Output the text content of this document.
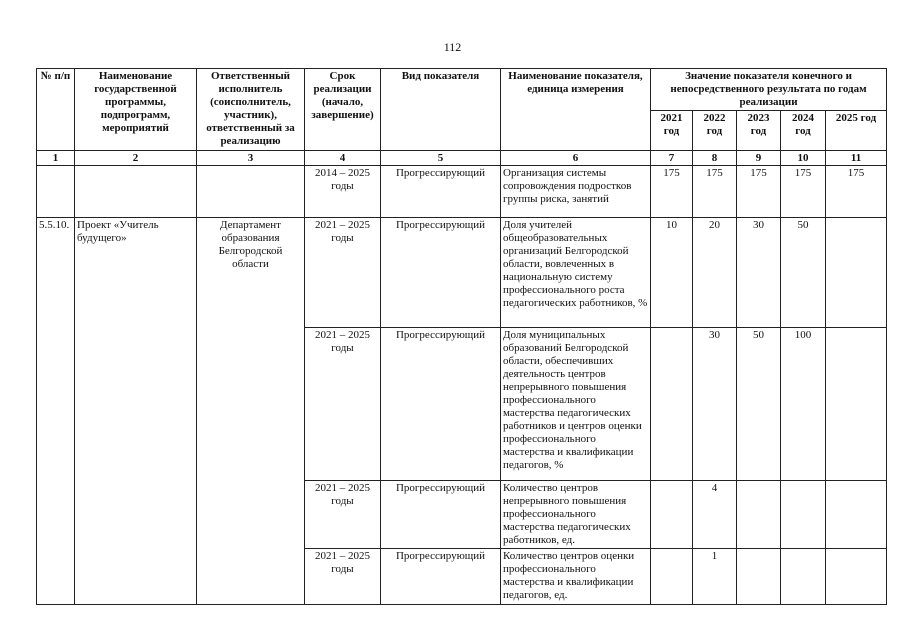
112
№ п/п	Наименование государственной программы, подпрограмм, мероприятий	Ответственный исполнитель (соисполнитель, участник), ответственный за реализацию	Срок реализации (начало, завершение)	Вид показателя	Наименование показателя, единица измерения	Значение показателя конечного и непосредственного результата по годам реализации				
						2021 год	2022 год	2023 год	2024 год	2025 год
1	2	3	4	5	6	7	8	9	10	11
			2014 – 2025 годы	Прогрессирующий	Организация системы сопровождения подростков группы риска, занятий	175	175	175	175	175
5.5.10.	Проект «Учитель будущего»	Департамент образования Белгородской области	2021 – 2025 годы	Прогрессирующий	Доля учителей общеобразовательных организаций Белгородской области, вовлеченных в национальную систему профессионального роста педагогических работников, %	10	20	30	50	
			2021 – 2025 годы	Прогрессирующий	Доля муниципальных образований Белгородской области, обеспечивших деятельность центров непрерывного повышения профессионального мастерства педагогических работников и центров оценки профессионального мастерства и квалификации педагогов, %		30	50	100	
			2021 – 2025 годы	Прогрессирующий	Количество центров непрерывного повышения профессионального мастерства педагогических работников, ед.		4			
			2021 – 2025 годы	Прогрессирующий	Количество центров оценки профессионального мастерства и квалификации педагогов, ед.		1			
